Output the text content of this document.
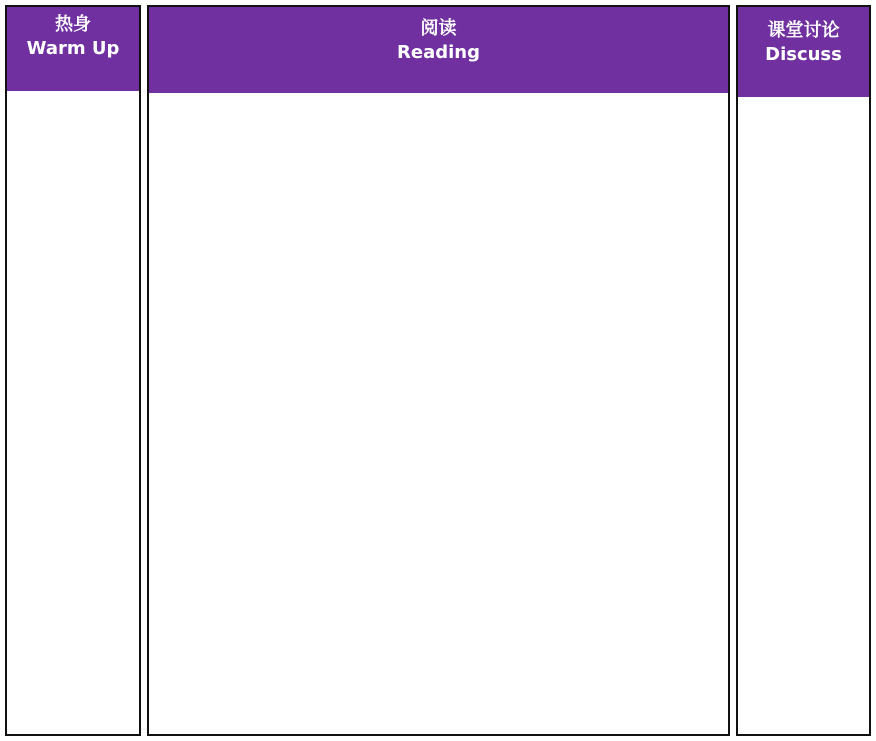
热身
Warm Up
阅读
Reading
课堂讨论
Discuss
